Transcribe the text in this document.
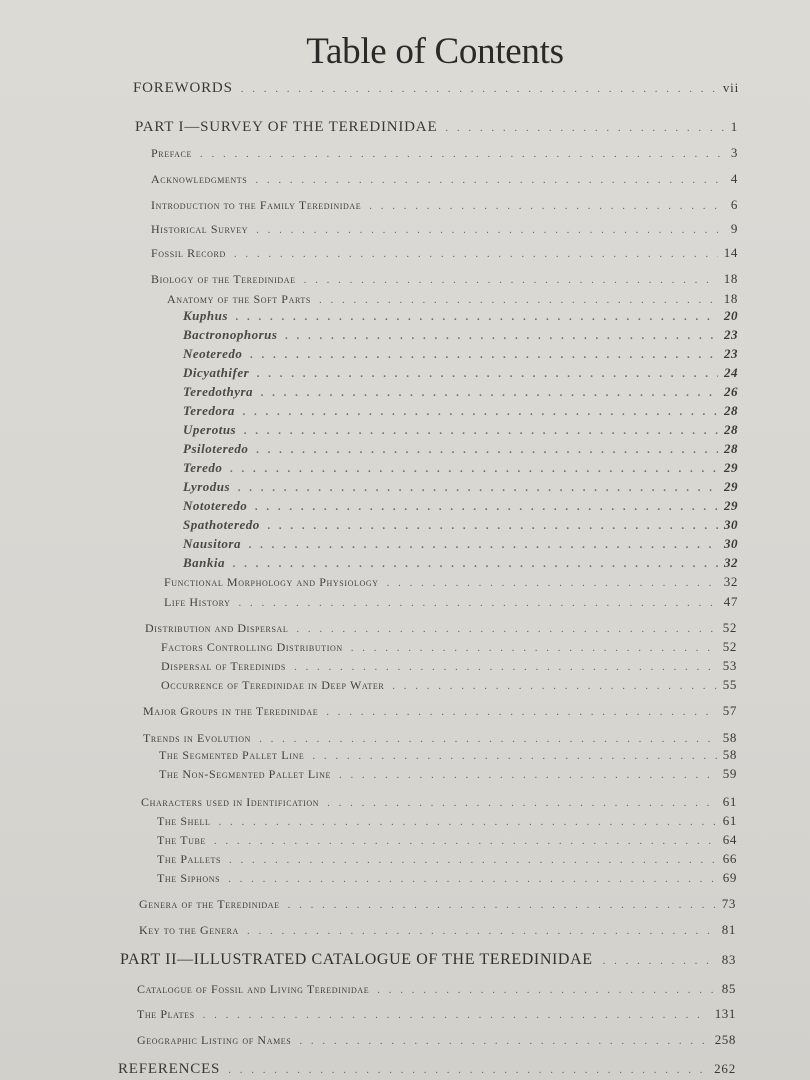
Table of Contents
FOREWORDS . . .	vii
PART I—SURVEY OF THE TEREDINIDAE . . .	1
Preface . . .	3
Acknowledgments . . .	4
Introduction to the Family Teredinidae . . .	6
Historical Survey . . .	9
Fossil Record . . .	14
Biology of the Teredinidae . . .	18
Anatomy of the Soft Parts . . .	18
Kuphus . . .	20
Bactronophorus . . .	23
Neoteredo . . .	23
Dicyathifer . . .	24
Teredothyra . . .	26
Teredora . . .	28
Uperotus . . .	28
Psiloteredo . . .	28
Teredo . . .	29
Lyrodus . . .	29
Nototeredo . . .	29
Spathoteredo . . .	30
Nausitora . . .	30
Bankia . . .	32
Functional Morphology and Physiology . . .	32
Life History . . .	47
Distribution and Dispersal . . .	52
Factors Controlling Distribution . . .	52
Dispersal of Teredinids . . .	53
Occurrence of Teredinidae in Deep Water . . .	55
Major Groups in the Teredinidae . . .	57
Trends in Evolution . . .	58
The Segmented Pallet Line . . .	58
The Non-Segmented Pallet Line . . .	59
Characters used in Identification . . .	61
The Shell . . .	61
The Tube . . .	64
The Pallets . . .	66
The Siphons . . .	69
Genera of the Teredinidae . . .	73
Key to the Genera . . .	81
PART II—ILLUSTRATED CATALOGUE OF THE TEREDINIDAE . . .	83
Catalogue of Fossil and Living Teredinidae . . .	85
The Plates . . .	131
Geographic Listing of Names . . .	258
REFERENCES . . .	262
